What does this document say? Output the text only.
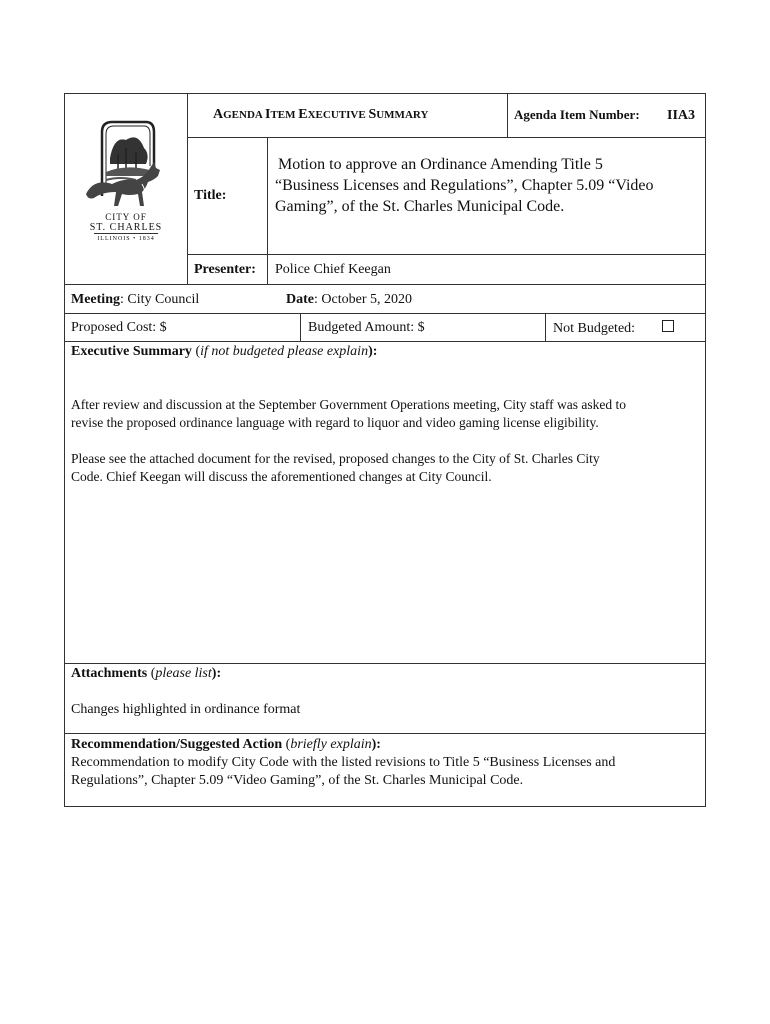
CITY OF
ST. CHARLES
ILLINOIS • 1834
AGENDA ITEM EXECUTIVE SUMMARY	Agenda Item Number: IIA3
Title:
Motion to approve an Ordinance Amending Title 5
“Business Licenses and Regulations”, Chapter 5.09 “Video
Gaming”, of the St. Charles Municipal Code.
Presenter: Police Chief Keegan
Meeting: City Council	Date: October 5, 2020
Proposed Cost: $	Budgeted Amount: $	Not Budgeted:
Executive Summary (if not budgeted please explain):
After review and discussion at the September Government Operations meeting, City staff was asked to
revise the proposed ordinance language with regard to liquor and video gaming license eligibility.
Please see the attached document for the revised, proposed changes to the City of St. Charles City
Code. Chief Keegan will discuss the aforementioned changes at City Council.
Attachments (please list):
Changes highlighted in ordinance format
Recommendation/Suggested Action (briefly explain):
Recommendation to modify City Code with the listed revisions to Title 5 “Business Licenses and
Regulations”, Chapter 5.09 “Video Gaming”, of the St. Charles Municipal Code.
